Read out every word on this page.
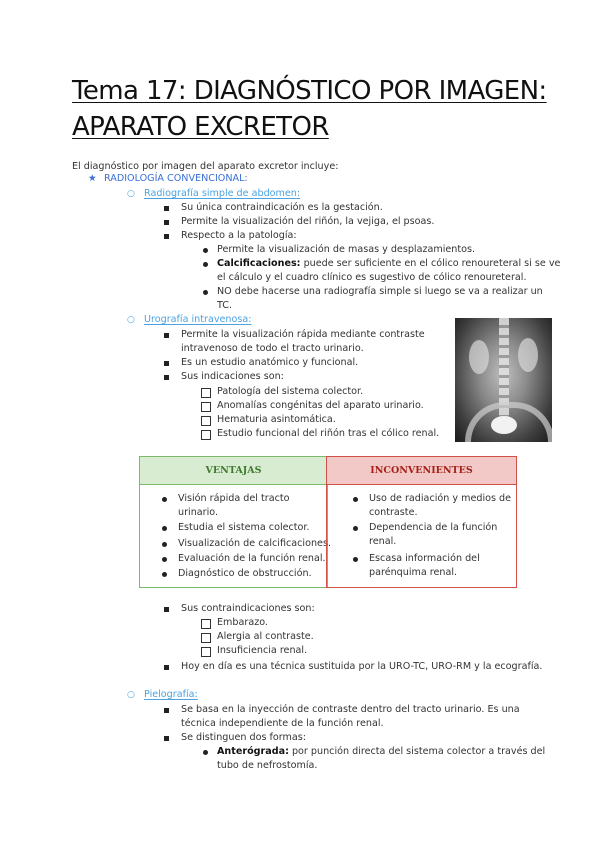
Tema 17: DIAGNÓSTICO POR IMAGEN:
APARATO EXCRETOR
El diagnóstico por imagen del aparato excretor incluye:
★ RADIOLOGÍA CONVENCIONAL:
○ Radiografía simple de abdomen:
Su única contraindicación es la gestación.
Permite la visualización del riñón, la vejiga, el psoas.
Respecto a la patología:
Permite la visualización de masas y desplazamientos.
Calcificaciones: puede ser suficiente en el cólico renoureteral si se ve
el cálculo y el cuadro clínico es sugestivo de cólico renoureteral.
NO debe hacerse una radiografía simple si luego se va a realizar un
TC.
○ Urografía intravenosa:
Permite la visualización rápida mediante contraste
intravenoso de todo el tracto urinario.
Es un estudio anatómico y funcional.
Sus indicaciones son:
Patología del sistema colector.
Anomalías congénitas del aparato urinario.
Hematuria asintomática.
Estudio funcional del riñón tras el cólico renal.
VENTAJAS
Visión rápida del tracto
urinario.
Estudia el sistema colector.
Visualización de calcificaciones.
Evaluación de la función renal.
Diagnóstico de obstrucción.
INCONVENIENTES
Uso de radiación y medios de
contraste.
Dependencia de la función
renal.
Escasa información del
parénquima renal.
Sus contraindicaciones son:
Embarazo.
Alergia al contraste.
Insuficiencia renal.
Hoy en día es una técnica sustituida por la URO-TC, URO-RM y la ecografía.
○ Pielografía:
Se basa en la inyección de contraste dentro del tracto urinario. Es una
técnica independiente de la función renal.
Se distinguen dos formas:
Anterógrada: por punción directa del sistema colector a través del
tubo de nefrostomía.
